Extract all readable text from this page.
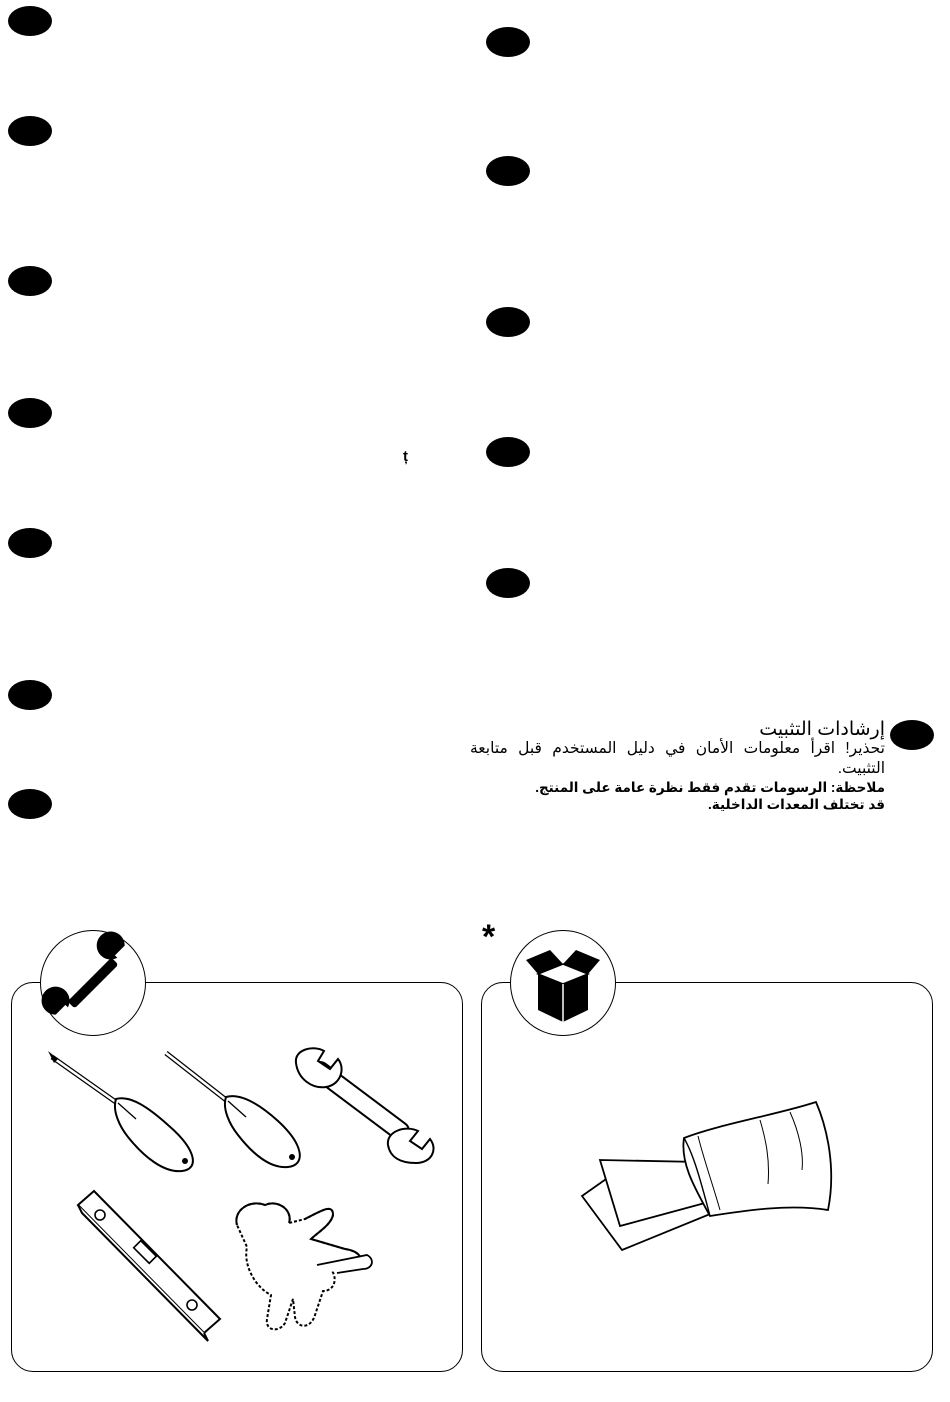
ț

إرشادات التثبيت

تحذير! اقرأ معلومات الأمان في دليل المستخدم قبل متابعة التثبيت.

ملاحظة: الرسومات تقدم فقط نظرة عامة على المنتج.

قد تختلف المعدات الداخلية.

*
